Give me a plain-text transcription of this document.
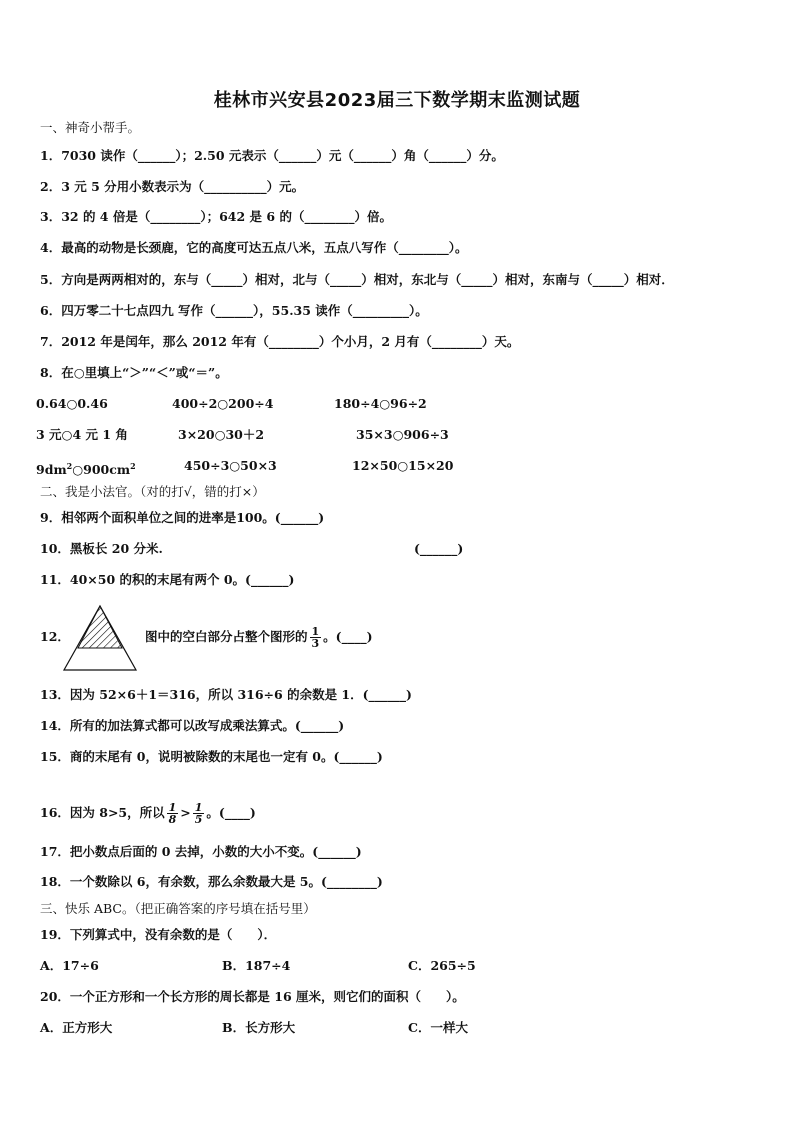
桂林市兴安县2023届三下数学期末监测试题
一、神奇小帮手。
1．7030 读作（______）；2.50 元表示（______）元（______）角（______）分。
2．3 元 5 分用小数表示为（__________）元。
3．32 的 4 倍是（________）；642 是 6 的（________）倍。
4．最高的动物是长颈鹿，它的高度可达五点八米，五点八写作（________）。
5．方向是两两相对的，东与（_____）相对，北与（_____）相对，东北与（_____）相对，东南与（_____）相对．
6．四万零二十七点四九 写作（______），55.35 读作（_________）。
7．2012 年是闰年，那么 2012 年有（________）个小月，2 月有（________）天。
8．在○里填上“＞”“＜”或“＝”。
0.64○0.46	400÷2○200÷4	180÷4○96÷2
3 元○4 元 1 角	3×20○30＋2	35×3○906÷3
$9dm^2○900cm^2$	450÷3○50×3	12×50○15×20
二、我是小法官。（对的打√，错的打×）
9．相邻两个面积单位之间的进率是100。(______)
10．黑板长 20 分米.	(______)
11．40×50 的积的末尾有两个 0。(______)
12．	图中的空白部分占整个图形的 $\frac{1}{3}$ 。(____)
13．因为 52×6＋1＝316，所以 316÷6 的余数是 1．(______)
14．所有的加法算式都可以改写成乘法算式。(______)
15．商的末尾有 0，说明被除数的末尾也一定有 0。(______)
16．因为 8>5，所以 $\frac{1}{8} > \frac{1}{5}$ 。(____)
17．把小数点后面的 0 去掉，小数的大小不变。(______)
18．一个数除以 6，有余数，那么余数最大是 5。(________)
三、快乐 ABC。（把正确答案的序号填在括号里）
19．下列算式中，没有余数的是（　　）．
A．17÷6	B．187÷4	C．265÷5
20．一个正方形和一个长方形的周长都是 16 厘米，则它们的面积（　　）。
A．正方形大	B．长方形大	C．一样大
